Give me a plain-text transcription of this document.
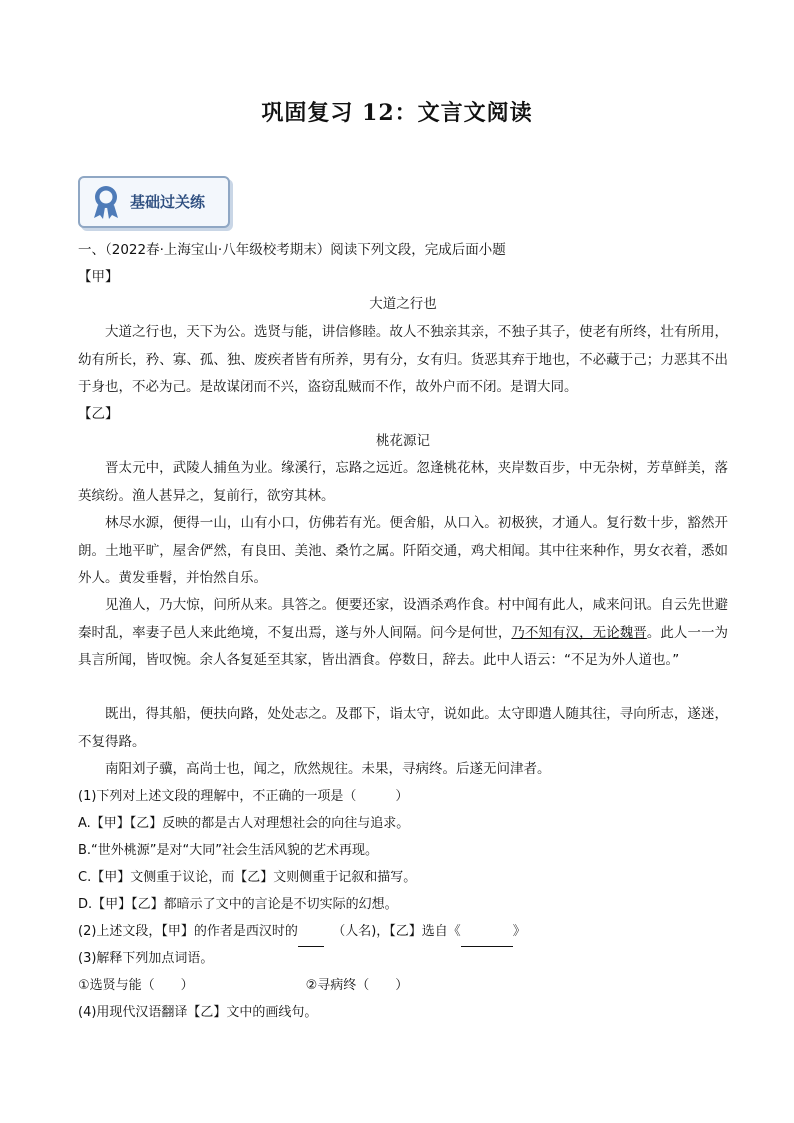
巩固复习 12：文言文阅读
基础过关练
一、（2022春·上海宝山·八年级校考期末）阅读下列文段，完成后面小题
【甲】
大道之行也
大道之行也，天下为公。选贤与能，讲信修睦。故人不独亲其亲，不独子其子，使老有所终，壮有所用，幼有所长，矜、寡、孤、独、废疾者皆有所养，男有分，女有归。货恶其弃于地也，不必藏于己；力恶其不出于身也，不必为己。是故谋闭而不兴，盗窃乱贼而不作，故外户而不闭。是谓大同。
【乙】
桃花源记
晋太元中，武陵人捕鱼为业。缘溪行，忘路之远近。忽逢桃花林，夹岸数百步，中无杂树，芳草鲜美，落英缤纷。渔人甚异之，复前行，欲穷其林。
林尽水源，便得一山，山有小口，仿佛若有光。便舍船，从口入。初极狭，才通人。复行数十步，豁然开朗。土地平旷，屋舍俨然，有良田、美池、桑竹之属。阡陌交通，鸡犬相闻。其中往来种作，男女衣着，悉如外人。黄发垂髫，并怡然自乐。
见渔人，乃大惊，问所从来。具答之。便要还家，设酒杀鸡作食。村中闻有此人，咸来问讯。自云先世避秦时乱，率妻子邑人来此绝境，不复出焉，遂与外人间隔。问今是何世，乃不知有汉，无论魏晋。此人一一为具言所闻，皆叹惋。余人各复延至其家，皆出酒食。停数日，辞去。此中人语云：“不足为外人道也。”
既出，得其船，便扶向路，处处志之。及郡下，诣太守，说如此。太守即遣人随其往，寻向所志，遂迷，不复得路。
南阳刘子骥，高尚士也，闻之，欣然规往。未果，寻病终。后遂无问津者。
(1)下列对上述文段的理解中，不正确的一项是（　　　）
A.【甲】【乙】反映的都是古人对理想社会的向往与追求。
B.“世外桃源”是对“大同”社会生活风貌的艺术再现。
C.【甲】文侧重于议论，而【乙】文则侧重于记叙和描写。
D.【甲】【乙】都暗示了文中的言论是不切实际的幻想。
(2)上述文段，【甲】的作者是西汉时的	（人名)，【乙】选自《	》
(3)解释下列加点词语。
①选贤与能（　　）	②寻病终（　　）
(4)用现代汉语翻译【乙】文中的画线句。
